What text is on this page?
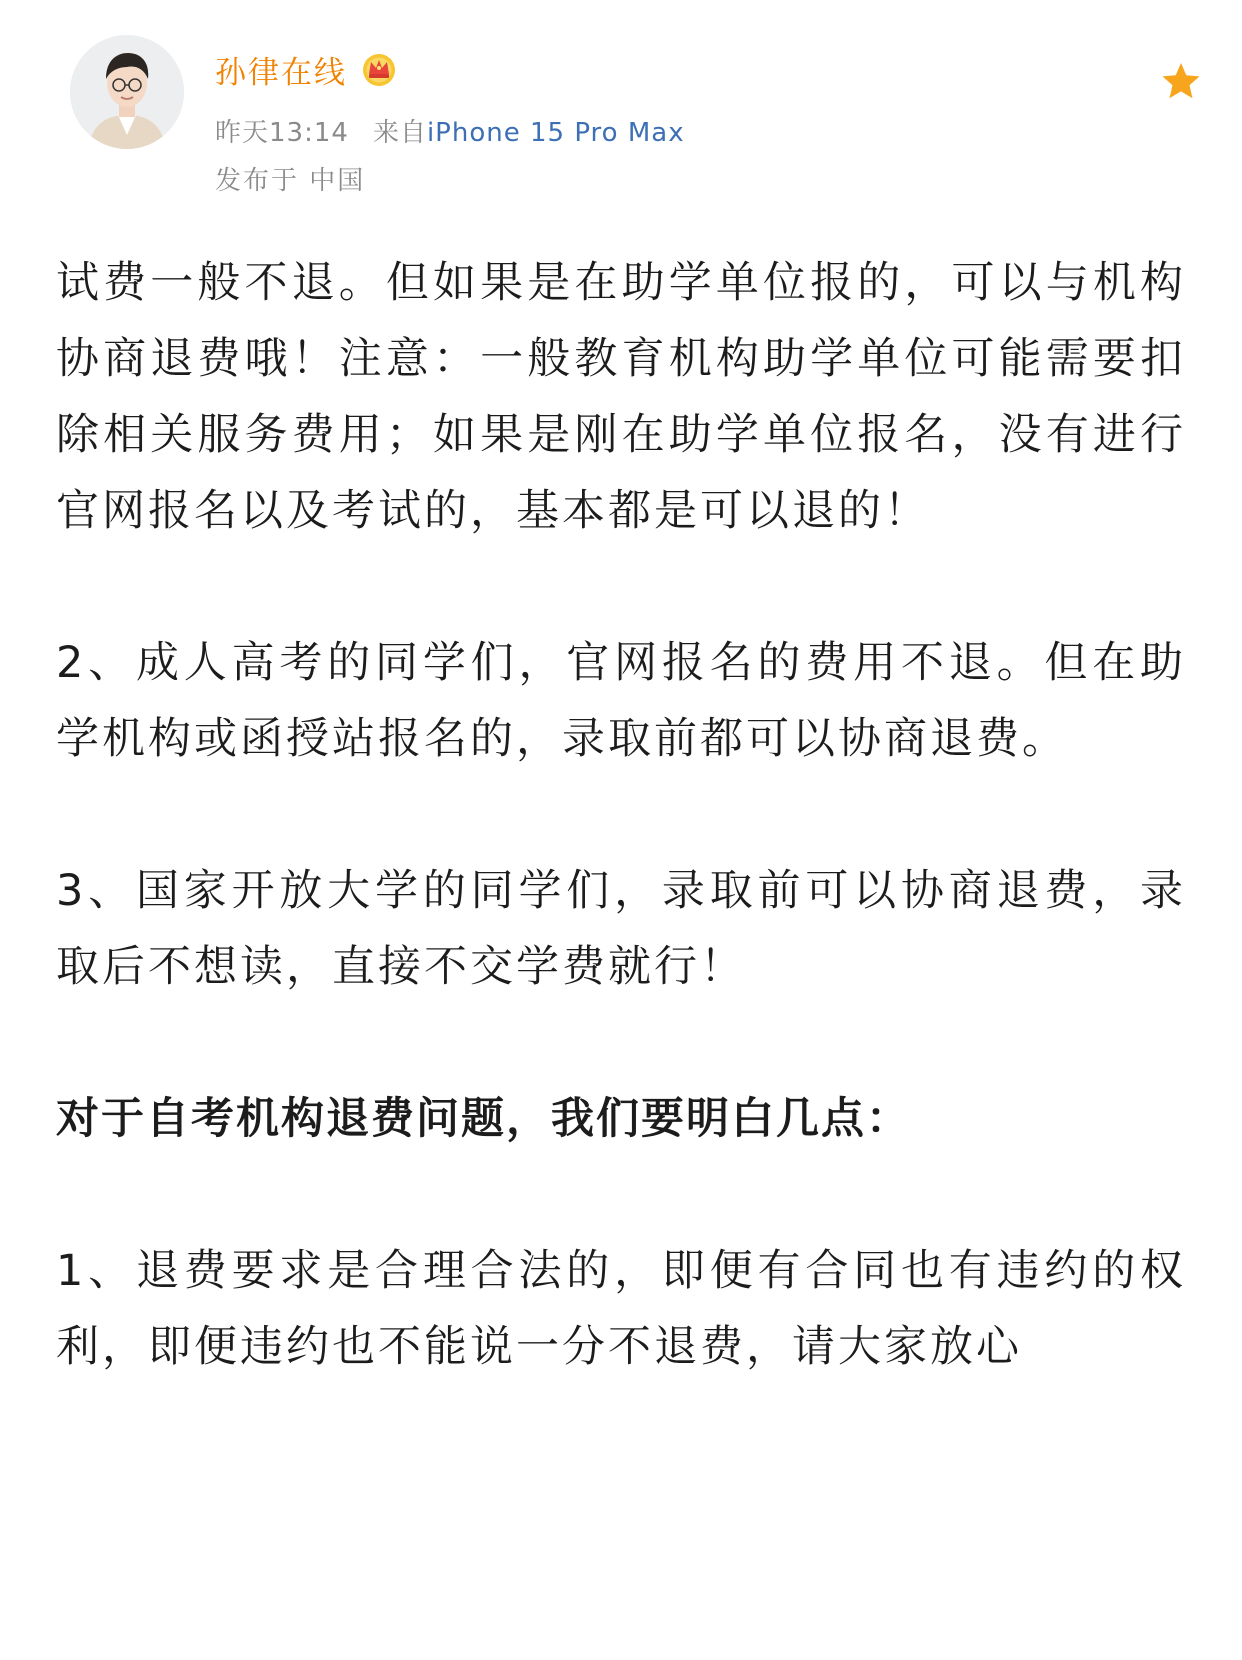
孙律在线
昨天13:14 来自iPhone 15 Pro Max
发布于 中国

试费一般不退。但如果是在助学单位报的，可以与机构协商退费哦！注意：一般教育机构助学单位可能需要扣除相关服务费用；如果是刚在助学单位报名，没有进行官网报名以及考试的，基本都是可以退的！

2、成人高考的同学们，官网报名的费用不退。但在助学机构或函授站报名的，录取前都可以协商退费。

3、国家开放大学的同学们，录取前可以协商退费，录取后不想读，直接不交学费就行！

对于自考机构退费问题，我们要明白几点：

1、退费要求是合理合法的，即便有合同也有违约的权利，即便违约也不能说一分不退费，请大家放心
